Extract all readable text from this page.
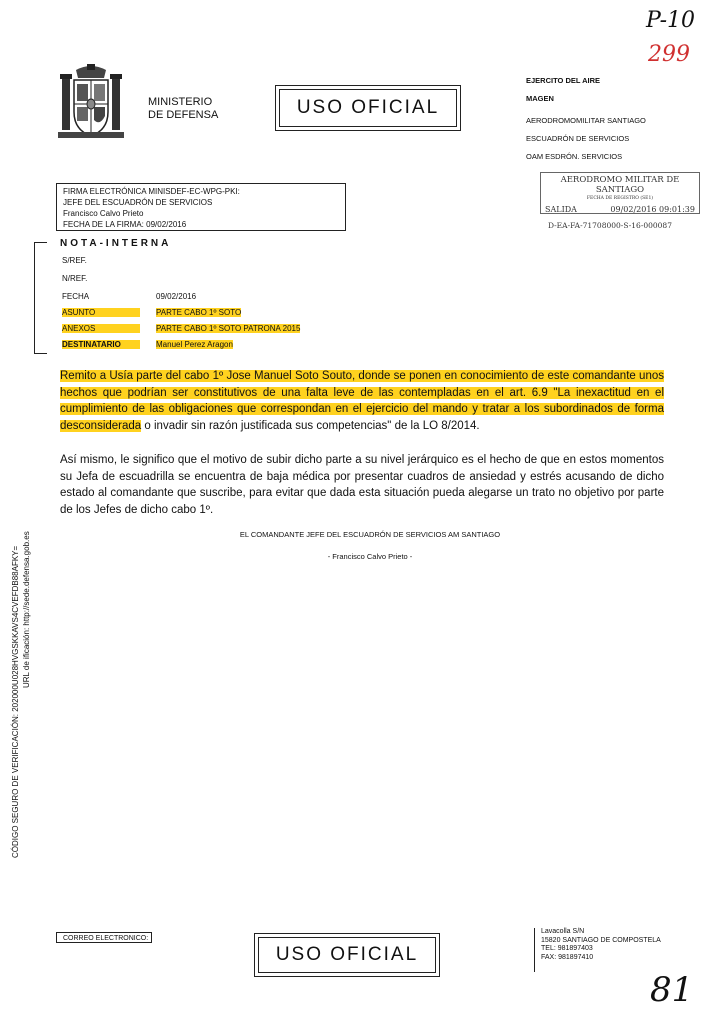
P-10
299
81
MINISTERIO
DE DEFENSA	USO OFICIAL
EJERCITO DEL AIRE
MAGEN
AERODROMOMILITAR SANTIAGO
ESCUADRÓN DE SERVICIOS
OAM ESDRÓN. SERVICIOS
FIRMA ELECTRÓNICA MINISDEF-EC-WPG-PKI:
JEFE DEL ESCUADRÓN DE SERVICIOS
Francisco Calvo Prieto
FECHA DE LA FIRMA: 09/02/2016
AERODROMO MILITAR DE SANTIAGO
FECHA DE REGISTRO (SE1)
SALIDA	09/02/2016 09:01:39
D-EA-FA-71708000-S-16-000087
NOTA-INTERNA
S/REF.
N/REF.
FECHA	09/02/2016
ASUNTO	PARTE CABO 1º SOTO
ANEXOS	PARTE CABO 1º SOTO PATRONA 2015
DESTINATARIO	Manuel Perez Aragon
Remito a Usía parte del cabo 1º Jose Manuel Soto Souto, donde se ponen en conocimiento de este comandante unos hechos que podrían ser constitutivos de una falta leve de las contempladas en el art. 6.9 "La inexactitud en el cumplimiento de las obligaciones que correspondan en el ejercicio del mando y tratar a los subordinados de forma desconsiderada o invadir sin razón justificada sus competencias" de la LO 8/2014.
Así mismo, le significo que el motivo de subir dicho parte a su nivel jerárquico es el hecho de que en estos momentos su Jefa de escuadrilla se encuentra de baja médica por presentar cuadros de ansiedad y estrés acusando de dicho estado al comandante que suscribe, para evitar que dada esta situación pueda alegarse un trato no objetivo por parte de los Jefes de dicho cabo 1º.
EL COMANDANTE JEFE DEL ESCUADRÓN DE SERVICIOS AM SANTIAGO
- Francisco Calvo Prieto -
CÓDIGO SEGURO DE VERIFICACIÓN: 202000U028HVGSKKAVS4CVEFDB88AFKY= URL de ificación: http://sede.defensa.gob.es
CORREO ELECTRONICO:
USO OFICIAL
Lavacolla S/N
15820 SANTIAGO DE COMPOSTELA
TEL: 981897403
FAX: 981897410
